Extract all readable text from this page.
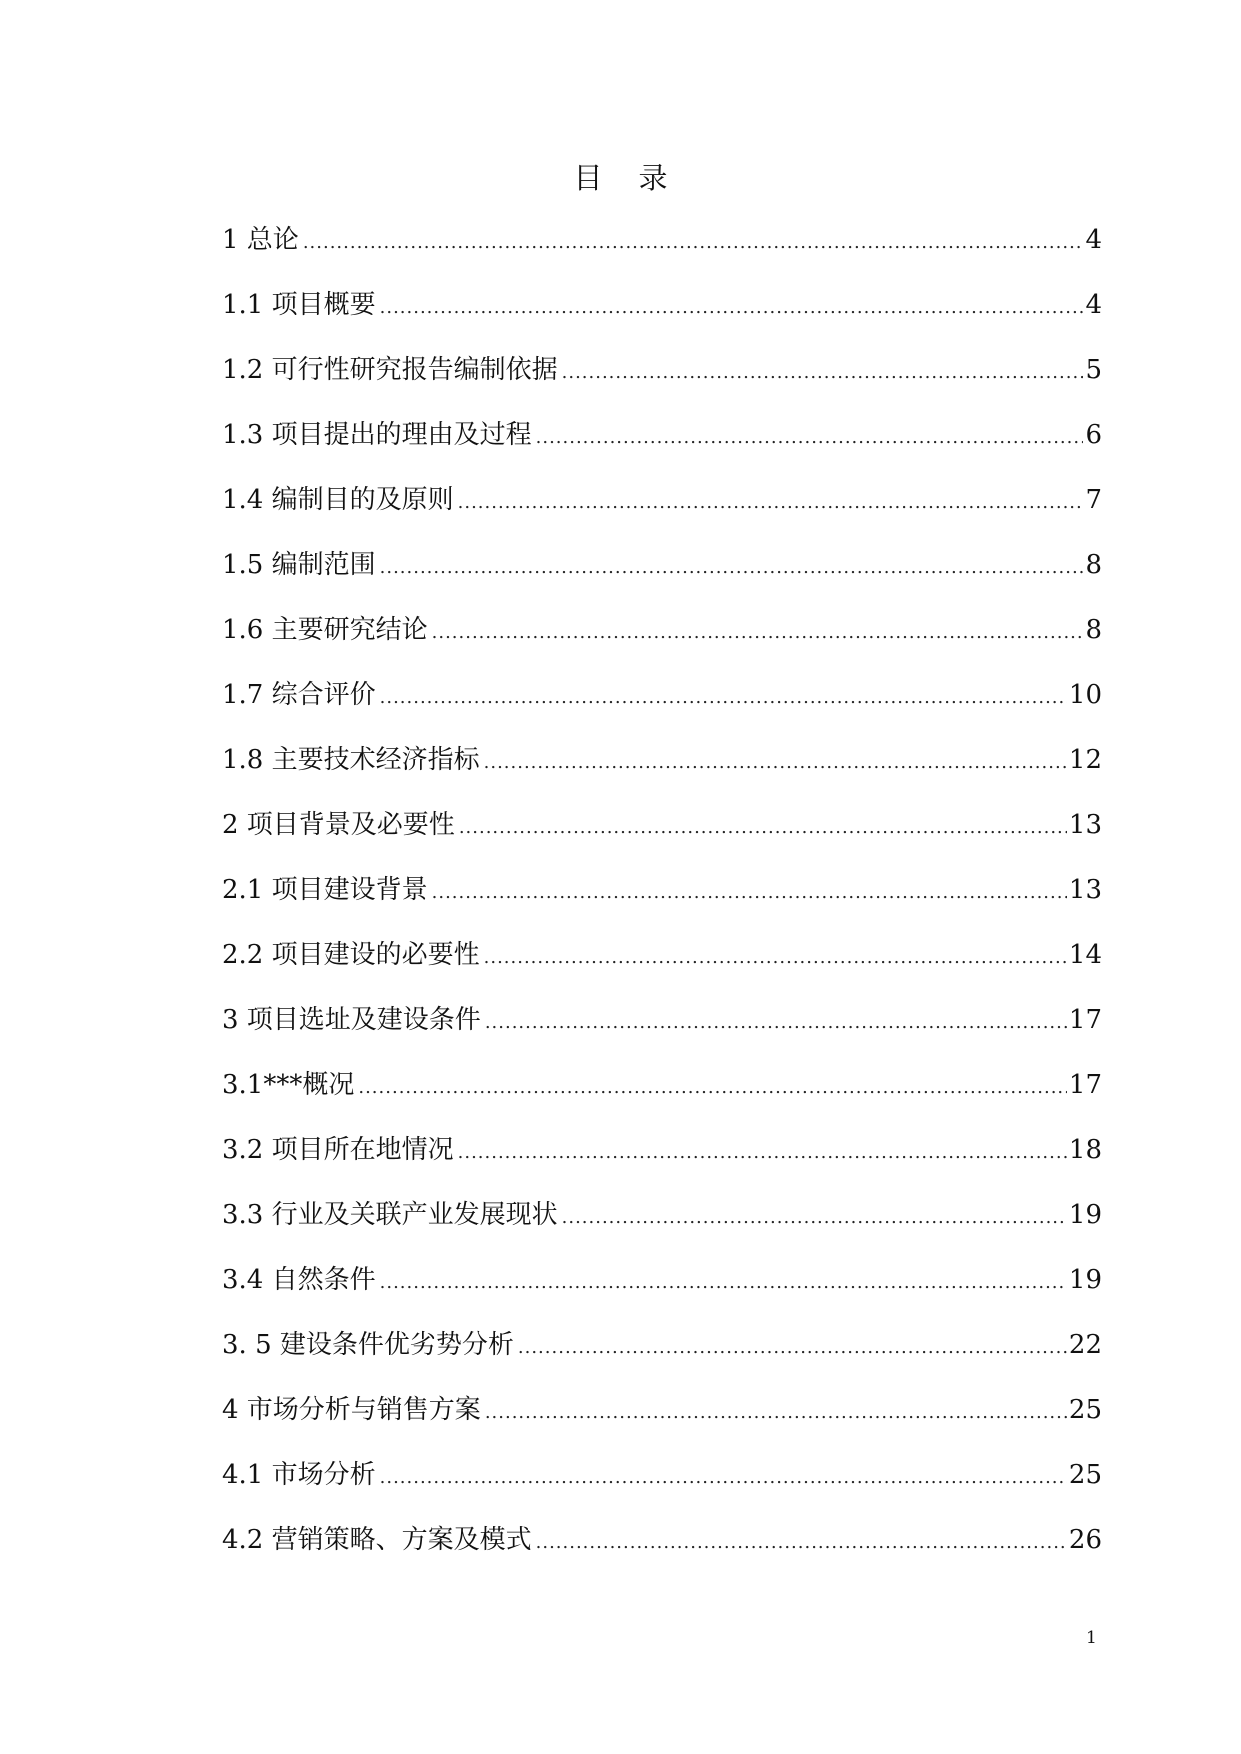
目 录
1 总论 .....	4
1.1 项目概要 .....	4
1.2 可行性研究报告编制依据 .....	5
1.3 项目提出的理由及过程 .....	6
1.4 编制目的及原则 .....	7
1.5 编制范围 .....	8
1.6 主要研究结论 .....	8
1.7 综合评价 .....	10
1.8 主要技术经济指标 .....	12
2 项目背景及必要性 .....	13
2.1 项目建设背景 .....	13
2.2 项目建设的必要性 .....	14
3 项目选址及建设条件 .....	17
3.1***概况 .....	17
3.2 项目所在地情况 .....	18
3.3 行业及关联产业发展现状 .....	19
3.4 自然条件 .....	19
3. 5 建设条件优劣势分析 .....	22
4 市场分析与销售方案 .....	25
4.1 市场分析 .....	25
4.2 营销策略、方案及模式 .....	26
1
